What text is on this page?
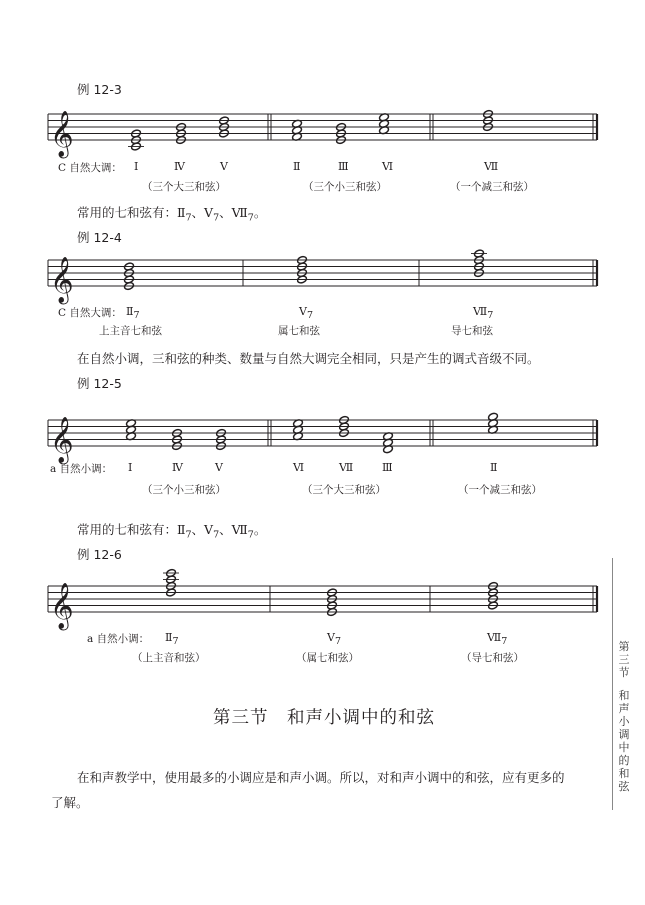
𝄞
𝄞
𝄞
𝄞
例 12-3
C 自然大调： Ⅰ	Ⅳ	Ⅴ	Ⅱ	Ⅲ	Ⅵ	Ⅶ
（三个大三和弦）	（三个小三和弦）	（一个减三和弦）
常用的七和弦有：$Ⅱ_7$、$Ⅴ_7$、$Ⅶ_7$。
例 12-4
C 自然大调： $Ⅱ_7$	$Ⅴ_7$	$Ⅶ_7$
上主音七和弦	属七和弦	导七和弦
在自然小调，三和弦的种类、数量与自然大调完全相同，只是产生的调式音级不同。
例 12-5
a 自然小调： Ⅰ	Ⅳ	Ⅴ	Ⅵ	Ⅶ	Ⅲ	Ⅱ
（三个小三和弦）	（三个大三和弦）	（一个减三和弦）
常用的七和弦有：$Ⅱ_7$、$Ⅴ_7$、$Ⅶ_7$。
例 12-6
a 自然小调： $Ⅱ_7$	$Ⅴ_7$	$Ⅶ_7$
（上主音和弦）	（属七和弦）	（导七和弦）
第三节　和声小调中的和弦
在和声教学中，使用最多的小调应是和声小调。所以，对和声小调中的和弦，应有更多的
了解。
第
三
节
和
声
小
调
中
的
和
弦
